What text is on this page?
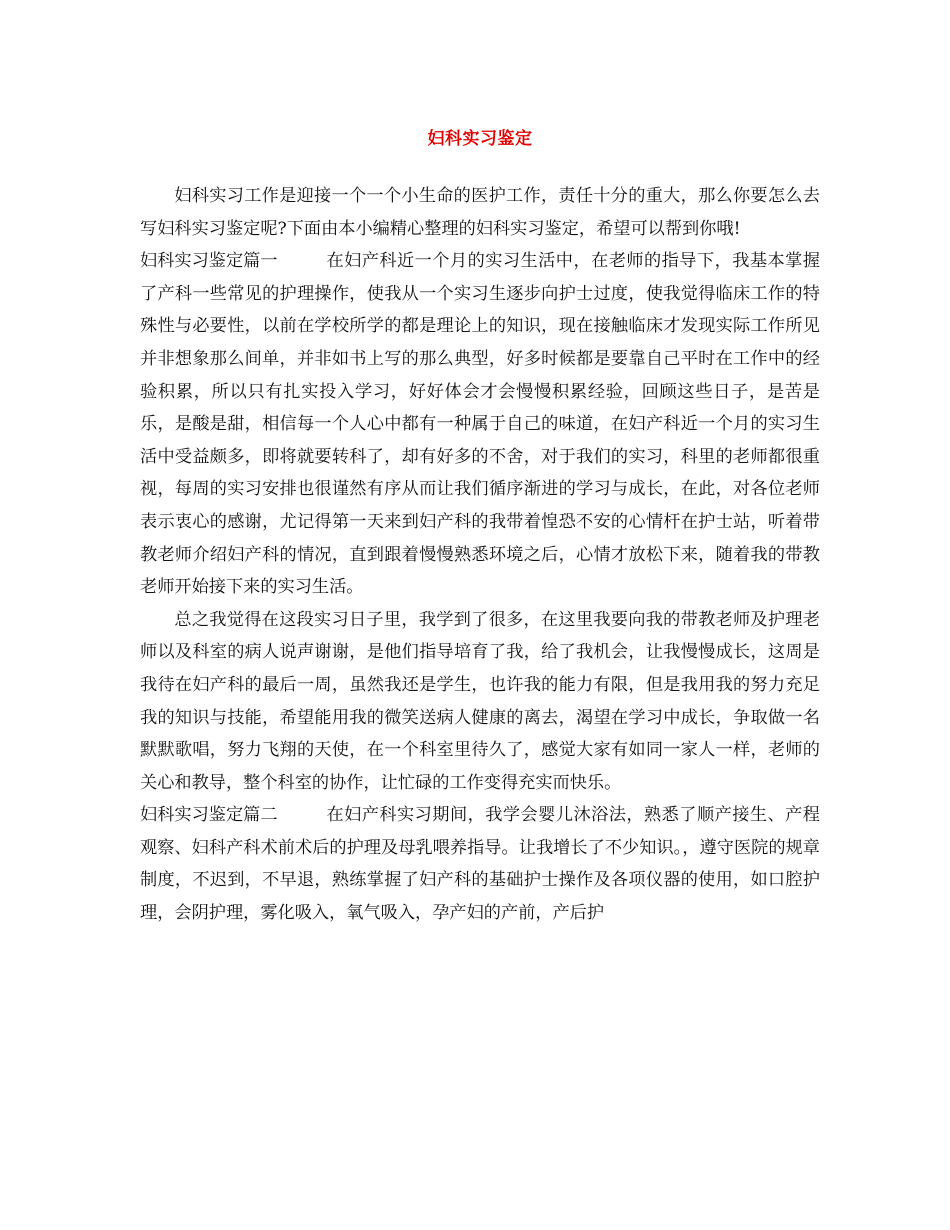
妇科实习鉴定

妇科实习工作是迎接一个一个小生命的医护工作，责任十分的重大，那么你要怎么去写妇科实习鉴定呢?下面由本小编精心整理的妇科实习鉴定，希望可以帮到你哦!

妇科实习鉴定篇一	在妇产科近一个月的实习生活中，在老师的指导下，我基本掌握了产科一些常见的护理操作，使我从一个实习生逐步向护士过度，使我觉得临床工作的特殊性与必要性，以前在学校所学的都是理论上的知识，现在接触临床才发现实际工作所见并非想象那么间单，并非如书上写的那么典型，好多时候都是要靠自己平时在工作中的经验积累，所以只有扎实投入学习，好好体会才会慢慢积累经验，回顾这些日子，是苦是乐，是酸是甜，相信每一个人心中都有一种属于自己的味道，在妇产科近一个月的实习生活中受益颇多，即将就要转科了，却有好多的不舍，对于我们的实习，科里的老师都很重视，每周的实习安排也很谨然有序从而让我们循序渐进的学习与成长，在此，对各位老师表示衷心的感谢，尤记得第一天来到妇产科的我带着惶恐不安的心情杆在护士站，听着带教老师介绍妇产科的情况，直到跟着慢慢熟悉环境之后，心情才放松下来，随着我的带教老师开始接下来的实习生活。

总之我觉得在这段实习日子里，我学到了很多，在这里我要向我的带教老师及护理老师以及科室的病人说声谢谢，是他们指导培育了我，给了我机会，让我慢慢成长，这周是我待在妇产科的最后一周，虽然我还是学生，也许我的能力有限，但是我用我的努力充足我的知识与技能，希望能用我的微笑送病人健康的离去，渴望在学习中成长，争取做一名默默歌唱，努力飞翔的天使，在一个科室里待久了，感觉大家有如同一家人一样，老师的关心和教导，整个科室的协作，让忙碌的工作变得充实而快乐。

妇科实习鉴定篇二	在妇产科实习期间，我学会婴儿沐浴法，熟悉了顺产接生、产程观察、妇科产科术前术后的护理及母乳喂养指导。让我增长了不少知识。，遵守医院的规章制度，不迟到，不早退，熟练掌握了妇产科的基础护士操作及各项仪器的使用，如口腔护理，会阴护理，雾化吸入，氧气吸入，孕产妇的产前，产后护
